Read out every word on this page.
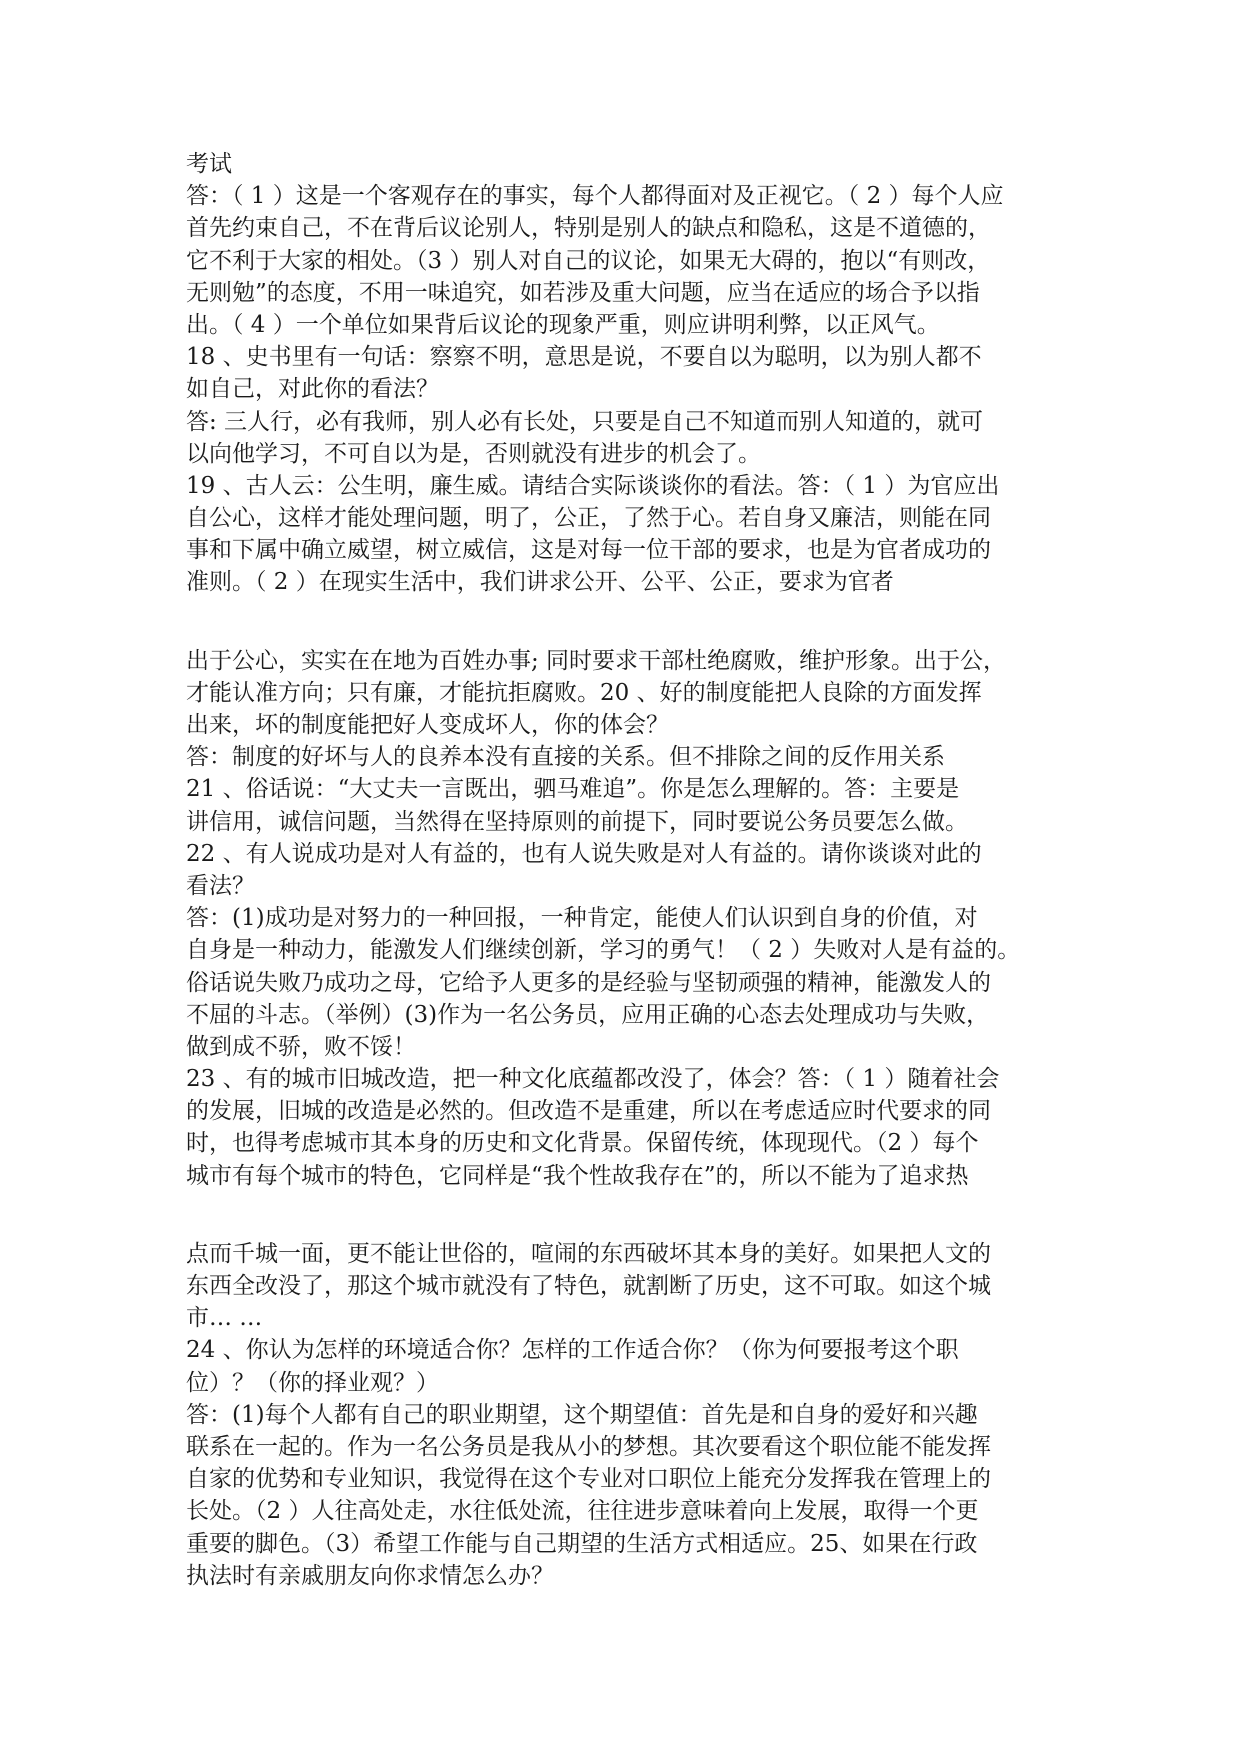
考试
答：（ 1 ）这是一个客观存在的事实，每个人都得面对及正视它。（ 2 ）每个人应
首先约束自己，不在背后议论别人，特别是别人的缺点和隐私，这是不道德的，
它不利于大家的相处。（3 ）别人对自己的议论，如果无大碍的，抱以“有则改，
无则勉”的态度，不用一味追究，如若涉及重大问题，应当在适应的场合予以指
出。（ 4 ）一个单位如果背后议论的现象严重，则应讲明利弊，以正风气。
18 、史书里有一句话：察察不明，意思是说，不要自以为聪明，以为别人都不
如自己，对此你的看法？
答: 三人行，必有我师，别人必有长处，只要是自己不知道而别人知道的，就可
以向他学习，不可自以为是，否则就没有进步的机会了。
19 、古人云：公生明，廉生威。请结合实际谈谈你的看法。答：（ 1 ）为官应出
自公心，这样才能处理问题，明了，公正，了然于心。若自身又廉洁，则能在同
事和下属中确立威望，树立威信，这是对每一位干部的要求，也是为官者成功的
准则。（ 2 ）在现实生活中，我们讲求公开、公平、公正，要求为官者
出于公心，实实在在地为百姓办事; 同时要求干部杜绝腐败，维护形象。出于公，
才能认准方向；只有廉，才能抗拒腐败。20 、好的制度能把人良除的方面发挥
出来，坏的制度能把好人变成坏人，你的体会？
答：制度的好坏与人的良养本没有直接的关系。但不排除之间的反作用关系
21 、俗话说：“大丈夫一言既出，驷马难追”。你是怎么理解的。答：主要是
讲信用，诚信问题，当然得在坚持原则的前提下，同时要说公务员要怎么做。
22 、有人说成功是对人有益的，也有人说失败是对人有益的。请你谈谈对此的
看法？
答：(1)成功是对努力的一种回报，一种肯定，能使人们认识到自身的价值，对
自身是一种动力，能激发人们继续创新，学习的勇气！（ 2 ）失败对人是有益的。
俗话说失败乃成功之母，它给予人更多的是经验与坚韧顽强的精神，能激发人的
不屈的斗志。（举例）(3)作为一名公务员，应用正确的心态去处理成功与失败，
做到成不骄，败不馁！
23 、有的城市旧城改造，把一种文化底蕴都改没了，体会？答：（ 1 ）随着社会
的发展，旧城的改造是必然的。但改造不是重建，所以在考虑适应时代要求的同
时，也得考虑城市其本身的历史和文化背景。保留传统，体现现代。（2 ）每个
城市有每个城市的特色，它同样是“我个性故我存在”的，所以不能为了追求热
点而千城一面，更不能让世俗的，喧闹的东西破坏其本身的美好。如果把人文的
东西全改没了，那这个城市就没有了特色，就割断了历史，这不可取。如这个城
市… …
24 、你认为怎样的环境适合你？怎样的工作适合你？（你为何要报考这个职
位）？（你的择业观？）
答：(1)每个人都有自己的职业期望，这个期望值：首先是和自身的爱好和兴趣
联系在一起的。作为一名公务员是我从小的梦想。其次要看这个职位能不能发挥
自家的优势和专业知识，我觉得在这个专业对口职位上能充分发挥我在管理上的
长处。（2 ）人往高处走，水往低处流，往往进步意味着向上发展，取得一个更
重要的脚色。（3）希望工作能与自己期望的生活方式相适应。25、如果在行政
执法时有亲戚朋友向你求情怎么办？
